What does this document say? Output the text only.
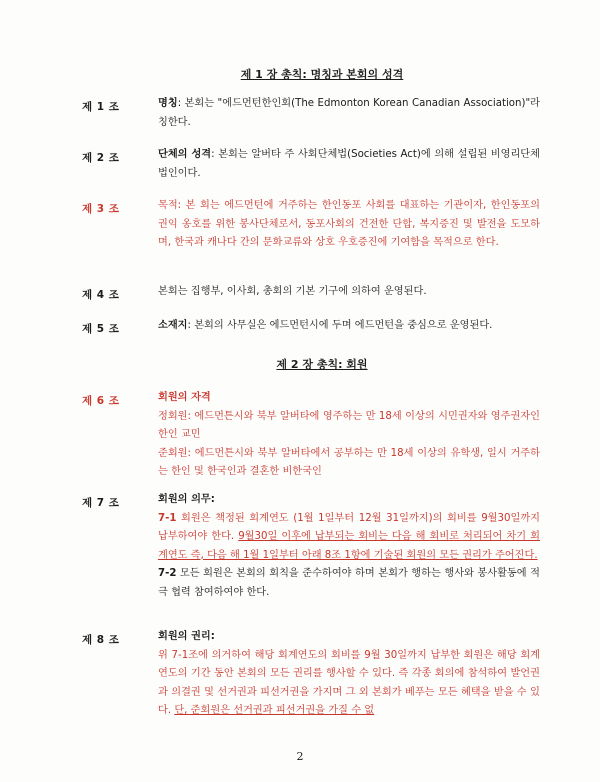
제 1 장 총칙: 명칭과 본회의 성격
제 1 조	명칭: 본회는 "에드먼턴한인회(The Edmonton Korean Canadian Association)"라 칭한다.
제 2 조	단체의 성격: 본회는 알버타 주 사회단체법(Societies Act)에 의해 설립된 비영리단체법인이다.
제 3 조	목적: 본 회는 에드먼턴에 거주하는 한인동포 사회를 대표하는 기관이자, 한인동포의 권익 옹호를 위한 봉사단체로서, 동포사회의 건전한 단합, 복지증진 및 발전을 도모하며, 한국과 캐나다 간의 문화교류와 상호 우호증진에 기여함을 목적으로 한다.
제 4 조	본회는 집행부, 이사회, 총회의 기본 기구에 의하여 운영된다.
제 5 조	소재지: 본회의 사무실은 에드먼턴시에 두며 에드먼턴을 중심으로 운영된다.
제 2 장 총칙: 회원
제 6 조	회원의 자격
정회원: 에드먼튼시와 북부 알버타에 영주하는 만 18세 이상의 시민권자와 영주권자인 한인 교민
준회원: 에드먼튼시와 북부 알버타에서 공부하는 만 18세 이상의 유학생, 일시 거주하는 한인 및 한국인과 결혼한 비한국인
제 7 조	회원의 의무:
7-1 회원은 책정된 회계연도 (1월 1일부터 12월 31일까지)의 회비를 9월30일까지 납부하여야 한다. 9월30일 이후에 납부되는 회비는 다음 해 회비로 처리되어 차기 회계연도 즉, 다음 해 1월 1일부터 아래 8조 1항에 기술된 회원의 모든 권리가 주어진다.
7-2 모든 회원은 본회의 회칙을 준수하여야 하며 본회가 행하는 행사와 봉사활동에 적극 협력 참여하여야 한다.
제 8 조	회원의 권리:
위 7-1조에 의거하여 해당 회계연도의 회비를 9월 30일까지 납부한 회원은 해당 회계연도의 기간 동안 본회의 모든 권리를 행사할 수 있다. 즉 각종 회의에 참석하여 발언권과 의결권 및 선거권과 피선거권을 가지며 그 외 본회가 베푸는 모든 혜택을 받을 수 있다. 단, 준회원은 선거권과 피선거권을 가질 수 없
2
